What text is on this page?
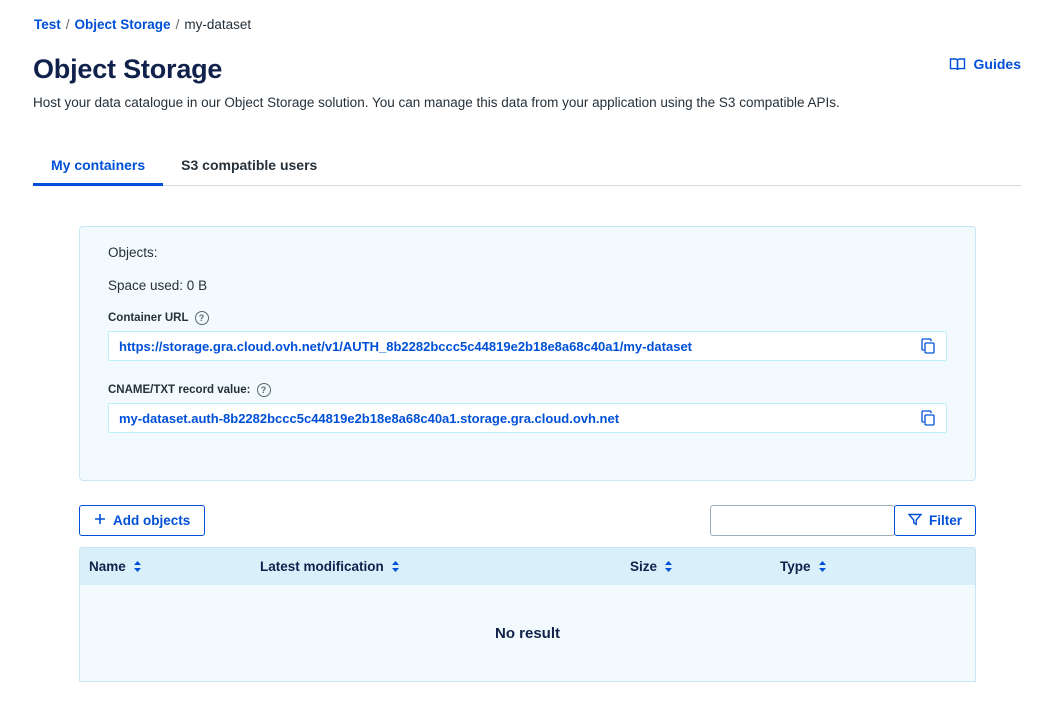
Test / Object Storage / my-dataset
Object Storage
Host your data catalogue in our Object Storage solution. You can manage this data from your application using the S3 compatible APIs.
Guides
My containers	S3 compatible users
Objects:
Space used: 0 B
Container URL	?
https://storage.gra.cloud.ovh.net/v1/AUTH_8b2282bccc5c44819e2b18e8a68c40a1/my-dataset
CNAME/TXT record value:	?
my-dataset.auth-8b2282bccc5c44819e2b18e8a68c40a1.storage.gra.cloud.ovh.net
Add objects	Filter
Name	Latest modification	Size	Type
No result
